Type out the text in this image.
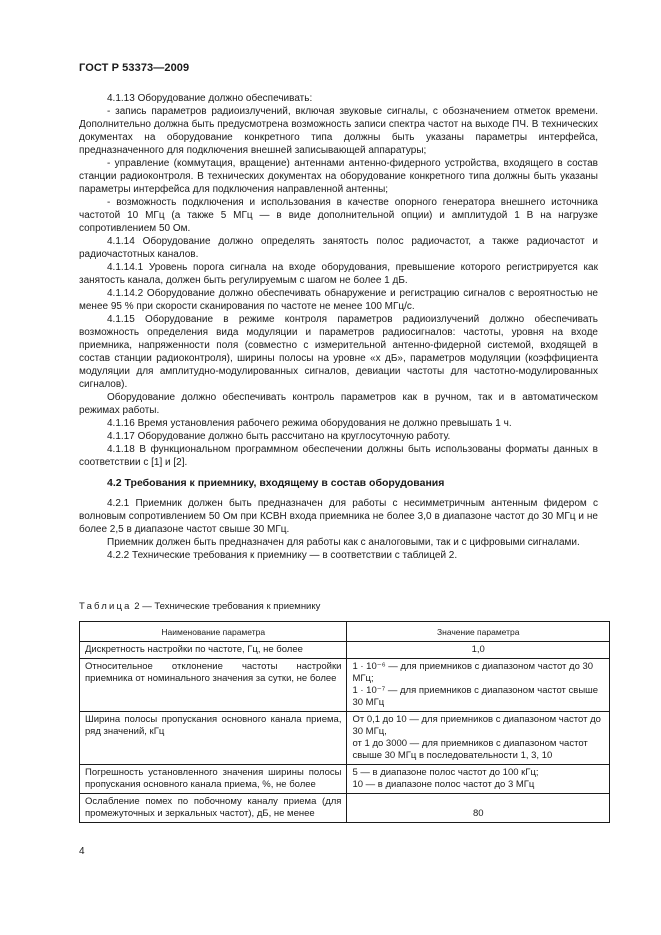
ГОСТ Р 53373—2009

4.1.13 Оборудование должно обеспечивать:

- запись параметров радиоизлучений, включая звуковые сигналы, с обозначением отметок времени. Дополнительно должна быть предусмотрена возможность записи спектра частот на выходе ПЧ. В технических документах на оборудование конкретного типа должны быть указаны параметры интерфейса, предназначенного для подключения внешней записывающей аппаратуры;

- управление (коммутация, вращение) антеннами антенно-фидерного устройства, входящего в состав станции радиоконтроля. В технических документах на оборудование конкретного типа должны быть указаны параметры интерфейса для подключения направленной антенны;

- возможность подключения и использования в качестве опорного генератора внешнего источника частотой 10 МГц (а также 5 МГц — в виде дополнительной опции) и амплитудой 1 В на нагрузке сопротивлением 50 Ом.

4.1.14 Оборудование должно определять занятость полос радиочастот, а также радиочастот и радиочастотных каналов.

4.1.14.1 Уровень порога сигнала на входе оборудования, превышение которого регистрируется как занятость канала, должен быть регулируемым с шагом не более 1 дБ.

4.1.14.2 Оборудование должно обеспечивать обнаружение и регистрацию сигналов с вероятностью не менее 95 % при скорости сканирования по частоте не менее 100 МГц/с.

4.1.15 Оборудование в режиме контроля параметров радиоизлучений должно обеспечивать возможность определения вида модуляции и параметров радиосигналов: частоты, уровня на входе приемника, напряженности поля (совместно с измерительной антенно-фидерной системой, входящей в состав станции радиоконтроля), ширины полосы на уровне «x дБ», параметров модуляции (коэффициента модуляции для амплитудно-модулированных сигналов, девиации частоты для частотно-модулированных сигналов).

Оборудование должно обеспечивать контроль параметров как в ручном, так и в автоматическом режимах работы.

4.1.16 Время установления рабочего режима оборудования не должно превышать 1 ч.

4.1.17 Оборудование должно быть рассчитано на круглосуточную работу.

4.1.18 В функциональном программном обеспечении должны быть использованы форматы данных в соответствии с [1] и [2].

4.2 Требования к приемнику, входящему в состав оборудования

4.2.1 Приемник должен быть предназначен для работы с несимметричным антенным фидером с волновым сопротивлением 50 Ом при КСВН входа приемника не более 3,0 в диапазоне частот до 30 МГц и не более 2,5 в диапазоне частот свыше 30 МГц.

Приемник должен быть предназначен для работы как с аналоговыми, так и с цифровыми сигналами.

4.2.2 Технические требования к приемнику — в соответствии с таблицей 2.

Таблица 2 — Технические требования к приемнику
Наименование параметра	Значение параметра
Дискретность настройки по частоте, Гц, не более	1,0
Относительное отклонение частоты настройки приемника от номинального значения за сутки, не более	1 · 10⁻⁶ — для приемников с диапазоном частот до 30 МГц;
1 · 10⁻⁷ — для приемников с диапазоном частот свыше 30 МГц

Ширина полосы пропускания основного канала приема, ряд значений, кГц	От 0,1 до 10 — для приемников с диапазоном частот до 30 МГц,
от 1 до 3000 — для приемников с диапазоном частот свыше 30 МГц в последовательности 1, 3, 10

Погрешность установленного значения ширины полосы пропускания основного канала приема, %, не более	5 — в диапазоне полос частот до 100 кГц;
10 — в диапазоне полос частот до 3 МГц

Ослабление помех по побочному каналу приема (для промежуточных и зеркальных частот), дБ, не менее	80
4
